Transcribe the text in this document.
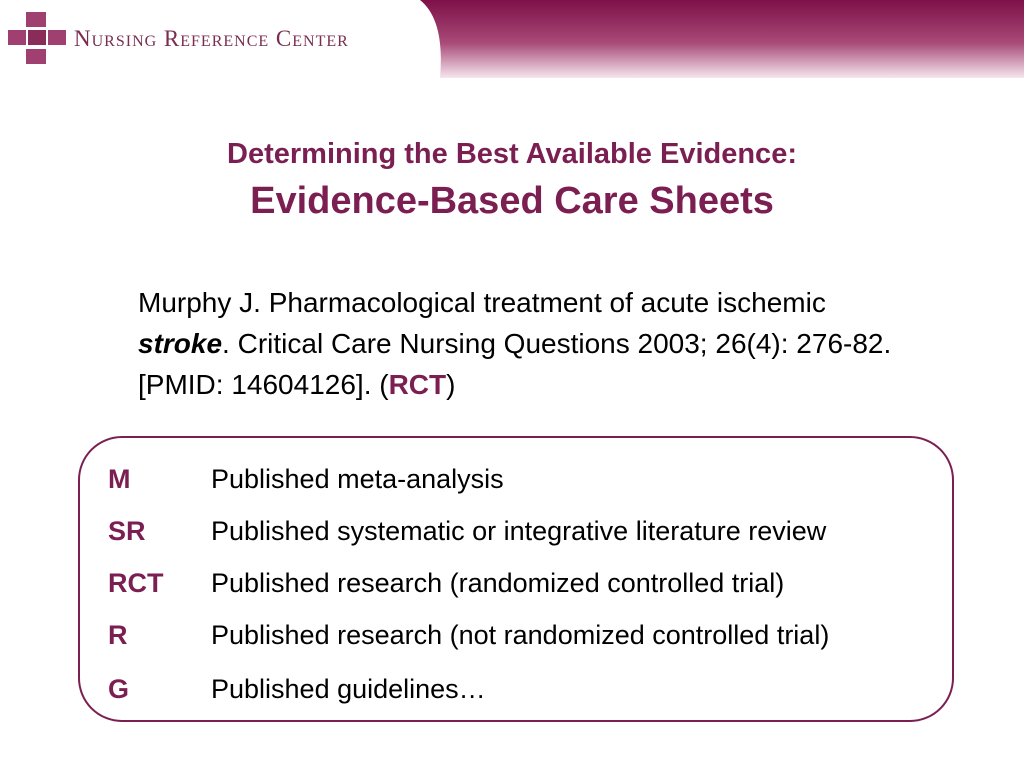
Nursing Reference Center
Determining the Best Available Evidence:
Evidence-Based Care Sheets
Murphy J. Pharmacological treatment of acute ischemic stroke. Critical Care Nursing Questions 2003; 26(4): 276-82. [PMID: 14604126]. (RCT)
M	Published meta-analysis
SR Published systematic or integrative literature review
RCT Published research (randomized controlled trial)
R	Published research (not randomized controlled trial)
G	Published guidelines…
